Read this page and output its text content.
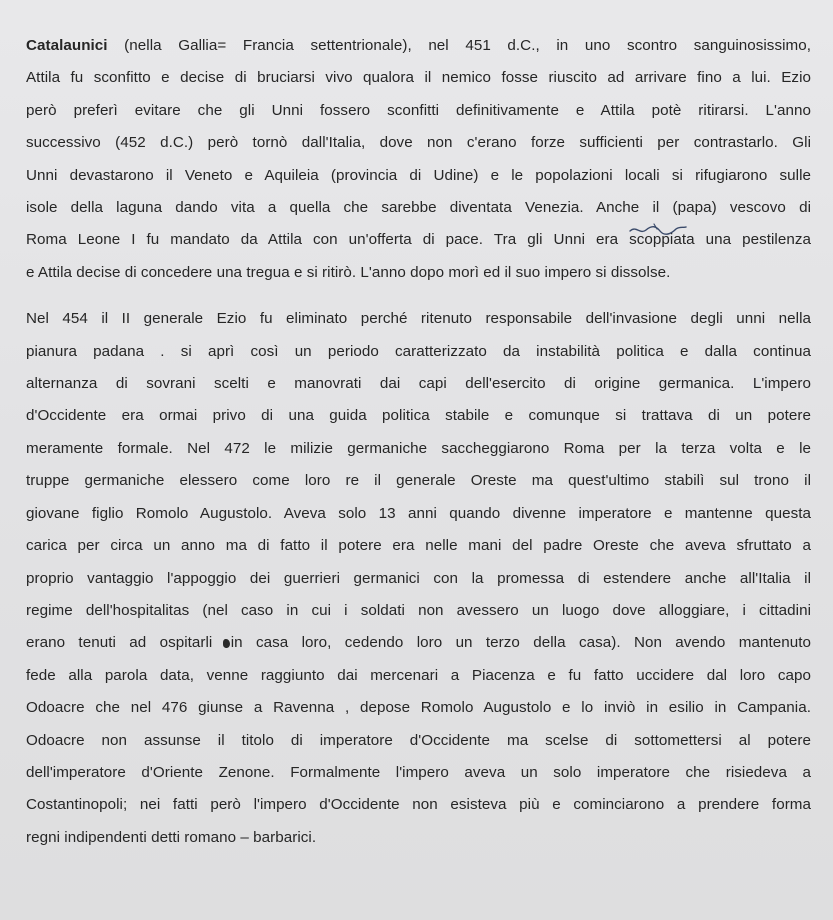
Catalaunici (nella Gallia= Francia settentrionale), nel 451 d.C., in uno scontro sanguinosissimo,
Attila fu sconfitto e decise di bruciarsi vivo qualora il nemico fosse riuscito ad arrivare fino a lui. Ezio
però preferì evitare che gli Unni fossero sconfitti definitivamente e Attila potè ritirarsi. L'anno
successivo (452 d.C.) però tornò dall'Italia, dove non c'erano forze sufficienti per contrastarlo. Gli
Unni devastarono il Veneto e Aquileia (provincia di Udine) e le popolazioni locali si rifugiarono sulle
isole della laguna dando vita a quella che sarebbe diventata Venezia. Anche il (papa) vescovo di
Roma Leone I fu mandato da Attila con un'offerta di pace. Tra gli Unni era scoppiata una pestilenza
e Attila decise di concedere una tregua e si ritirò. L'anno dopo morì ed il suo impero si dissolse.

Nel 454 il II generale Ezio fu eliminato perché ritenuto responsabile dell'invasione degli unni nella
pianura padana . si aprì così un periodo caratterizzato da instabilità politica e dalla continua
alternanza di sovrani scelti e manovrati dai capi dell'esercito di origine germanica. L'impero
d'Occidente era ormai privo di una guida politica stabile e comunque si trattava di un potere
meramente formale. Nel 472 le milizie germaniche saccheggiarono Roma per la terza volta e le
truppe germaniche elessero come loro re il generale Oreste ma quest'ultimo stabilì sul trono il
giovane figlio Romolo Augustolo. Aveva solo 13 anni quando divenne imperatore e mantenne questa
carica per circa un anno ma di fatto il potere era nelle mani del padre Oreste che aveva sfruttato a
proprio vantaggio l'appoggio dei guerrieri germanici con la promessa di estendere anche all'Italia il
regime dell'hospitalitas (nel caso in cui i soldati non avessero un luogo dove alloggiare, i cittadini
erano tenuti ad ospitarli in casa loro, cedendo loro un terzo della casa). Non avendo mantenuto
fede alla parola data, venne raggiunto dai mercenari a Piacenza e fu fatto uccidere dal loro capo
Odoacre che nel 476 giunse a Ravenna , depose Romolo Augustolo e lo inviò in esilio in Campania.
Odoacre non assunse il titolo di imperatore d'Occidente ma scelse di sottomettersi al potere
dell'imperatore d'Oriente Zenone. Formalmente l'impero aveva un solo imperatore che risiedeva a
Costantinopoli; nei fatti però l'impero d'Occidente non esisteva più e cominciarono a prendere forma
regni indipendenti detti romano – barbarici.
